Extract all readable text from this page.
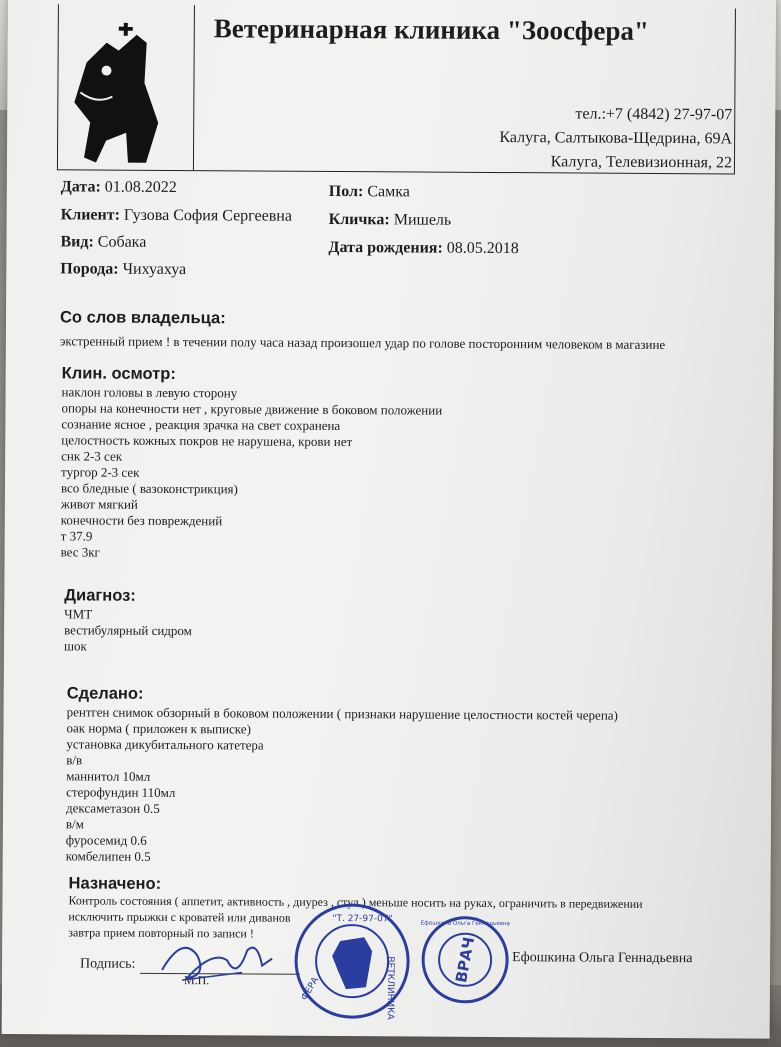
Ветеринарная клиника "Зоосфера"
тел.:+7 (4842) 27-97-07
Калуга, Салтыкова-Щедрина, 69А
Калуга, Телевизионная, 22
Дата: 01.08.2022
Клиент: Гузова София Сергеевна
Вид: Собака
Порода: Чихуахуа
Пол: Самка
Кличка: Мишель
Дата рождения: 08.05.2018
Со слов владельца:
экстренный прием ! в течении полу часа назад произошел удар по голове посторонним человеком в магазине
Клин. осмотр:
наклон головы в левую сторону
опоры на конечности нет , круговые движение в боковом положении
сознание ясное , реакция зрачка на свет сохранена
целостность кожных покров не нарушена, крови нет
снк 2-3 сек
тургор 2-3 сек
всо бледные ( вазоконстрикция)
живот мягкий
конечности без повреждений
т 37.9
вес 3кг
Диагноз:
ЧМТ
вестибулярный сидром
шок
Сделано:
рентген снимок обзорный в боковом положении ( признаки нарушение целостности костей черепа)
оак норма ( приложен к выписке)
установка дикубитального катетера
в/в
маннитол 10мл
стерофундин 110мл
дексаметазон 0.5
в/м
фуросемид 0.6
комбелипен 0.5
Назначено:
Контроль состояния ( аппетит, активность , диурез , стул ) меньше носить на руках, ограничить в передвижении
исключить прыжки с кроватей или диванов
завтра прием повторный по записи !
Подпись:
М.П.
Ефошкина Ольга Геннадьевна
"Т. 27-97-07"
ВЕТКЛИНИКА
ФЕРА
ВРАЧ
Ефошкина Ольга Геннадьевна
